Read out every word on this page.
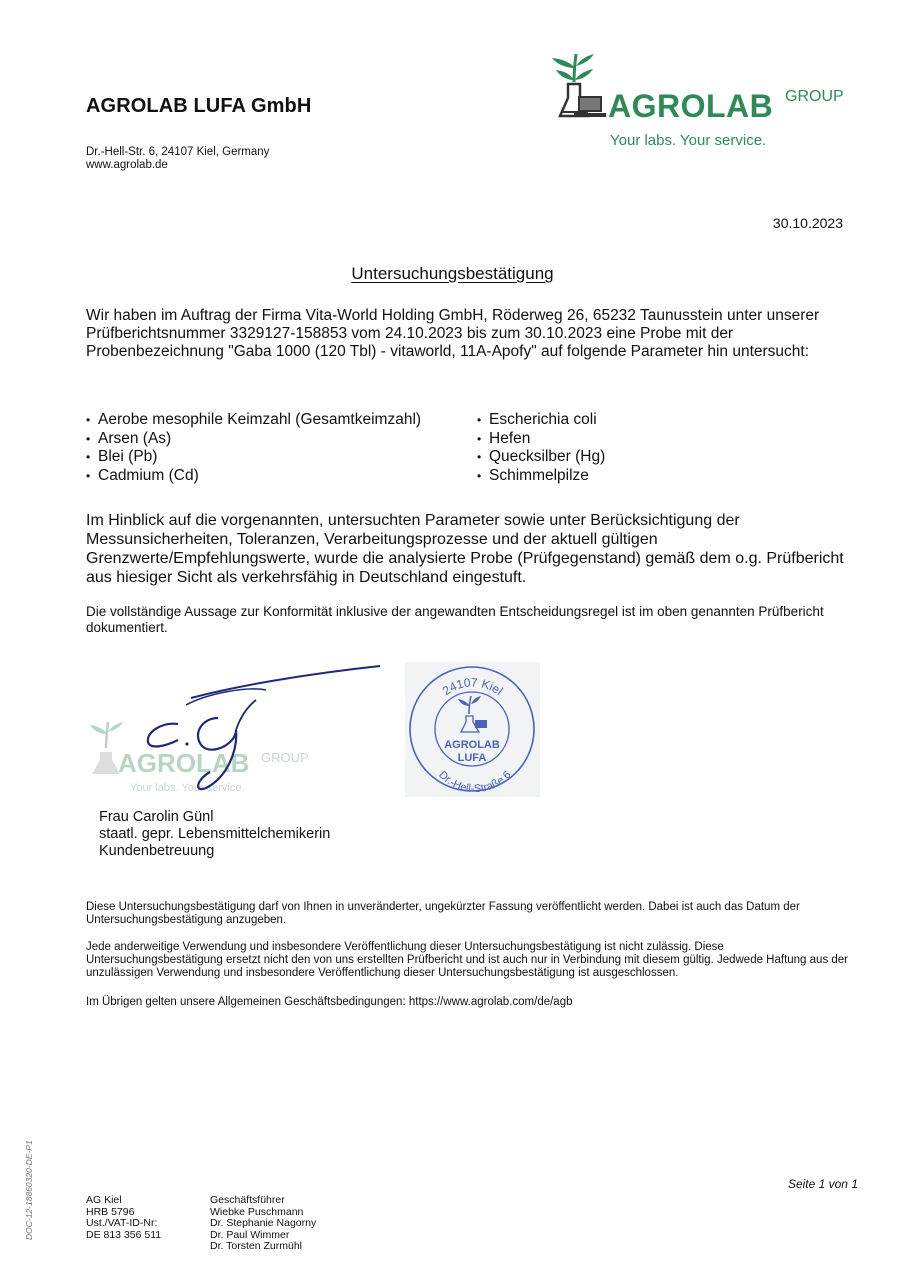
AGROLAB LUFA GmbH
Dr.-Hell-Str. 6, 24107 Kiel, Germany
www.agrolab.de
AGROLAB GROUP
Your labs. Your service.
30.10.2023
Untersuchungsbestätigung
Wir haben im Auftrag der Firma Vita-World Holding GmbH, Röderweg 26, 65232 Taunusstein unter unserer Prüfberichtsnummer 3329127-158853 vom 24.10.2023 bis zum 30.10.2023 eine Probe mit der Probenbezeichnung "Gaba 1000 (120 Tbl) - vitaworld, 11A-Apofy" auf folgende Parameter hin untersucht:
• Aerobe mesophile Keimzahl (Gesamtkeimzahl)
• Arsen (As)
• Blei (Pb)
• Cadmium (Cd)
• Escherichia coli
• Hefen
• Quecksilber (Hg)
• Schimmelpilze
Im Hinblick auf die vorgenannten, untersuchten Parameter sowie unter Berücksichtigung der Messunsicherheiten, Toleranzen, Verarbeitungsprozesse und der aktuell gültigen Grenzwerte/Empfehlungswerte, wurde die analysierte Probe (Prüfgegenstand) gemäß dem o.g. Prüfbericht aus hiesiger Sicht als verkehrsfähig in Deutschland eingestuft.
Die vollständige Aussage zur Konformität inklusive der angewandten Entscheidungsregel ist im oben genannten Prüfbericht dokumentiert.
AGROLAB GROUP
Your labs. Your service.
24107 Kiel
Dr.-Hell-Straße 6
AGROLAB
LUFA
Frau Carolin Günl
staatl. gepr. Lebensmittelchemikerin
Kundenbetreuung
Diese Untersuchungsbestätigung darf von Ihnen in unveränderter, ungekürzter Fassung veröffentlicht werden. Dabei ist auch das Datum der Untersuchungsbestätigung anzugeben.
Jede anderweitige Verwendung und insbesondere Veröffentlichung dieser Untersuchungsbestätigung ist nicht zulässig. Diese Untersuchungsbestätigung ersetzt nicht den von uns erstellten Prüfbericht und ist auch nur in Verbindung mit diesem gültig. Jedwede Haftung aus der unzulässigen Verwendung und insbesondere Veröffentlichung dieser Untersuchungsbestätigung ist ausgeschlossen.
Im Übrigen gelten unsere Allgemeinen Geschäftsbedingungen: https://www.agrolab.com/de/agb
DOC-12-18860320-DE-P1	Seite 1 von 1
AG Kiel
HRB 5796
Ust./VAT-ID-Nr:
DE 813 356 511
Geschäftsführer
Wiebke Puschmann
Dr. Stephanie Nagorny
Dr. Paul Wimmer
Dr. Torsten Zurmühl
